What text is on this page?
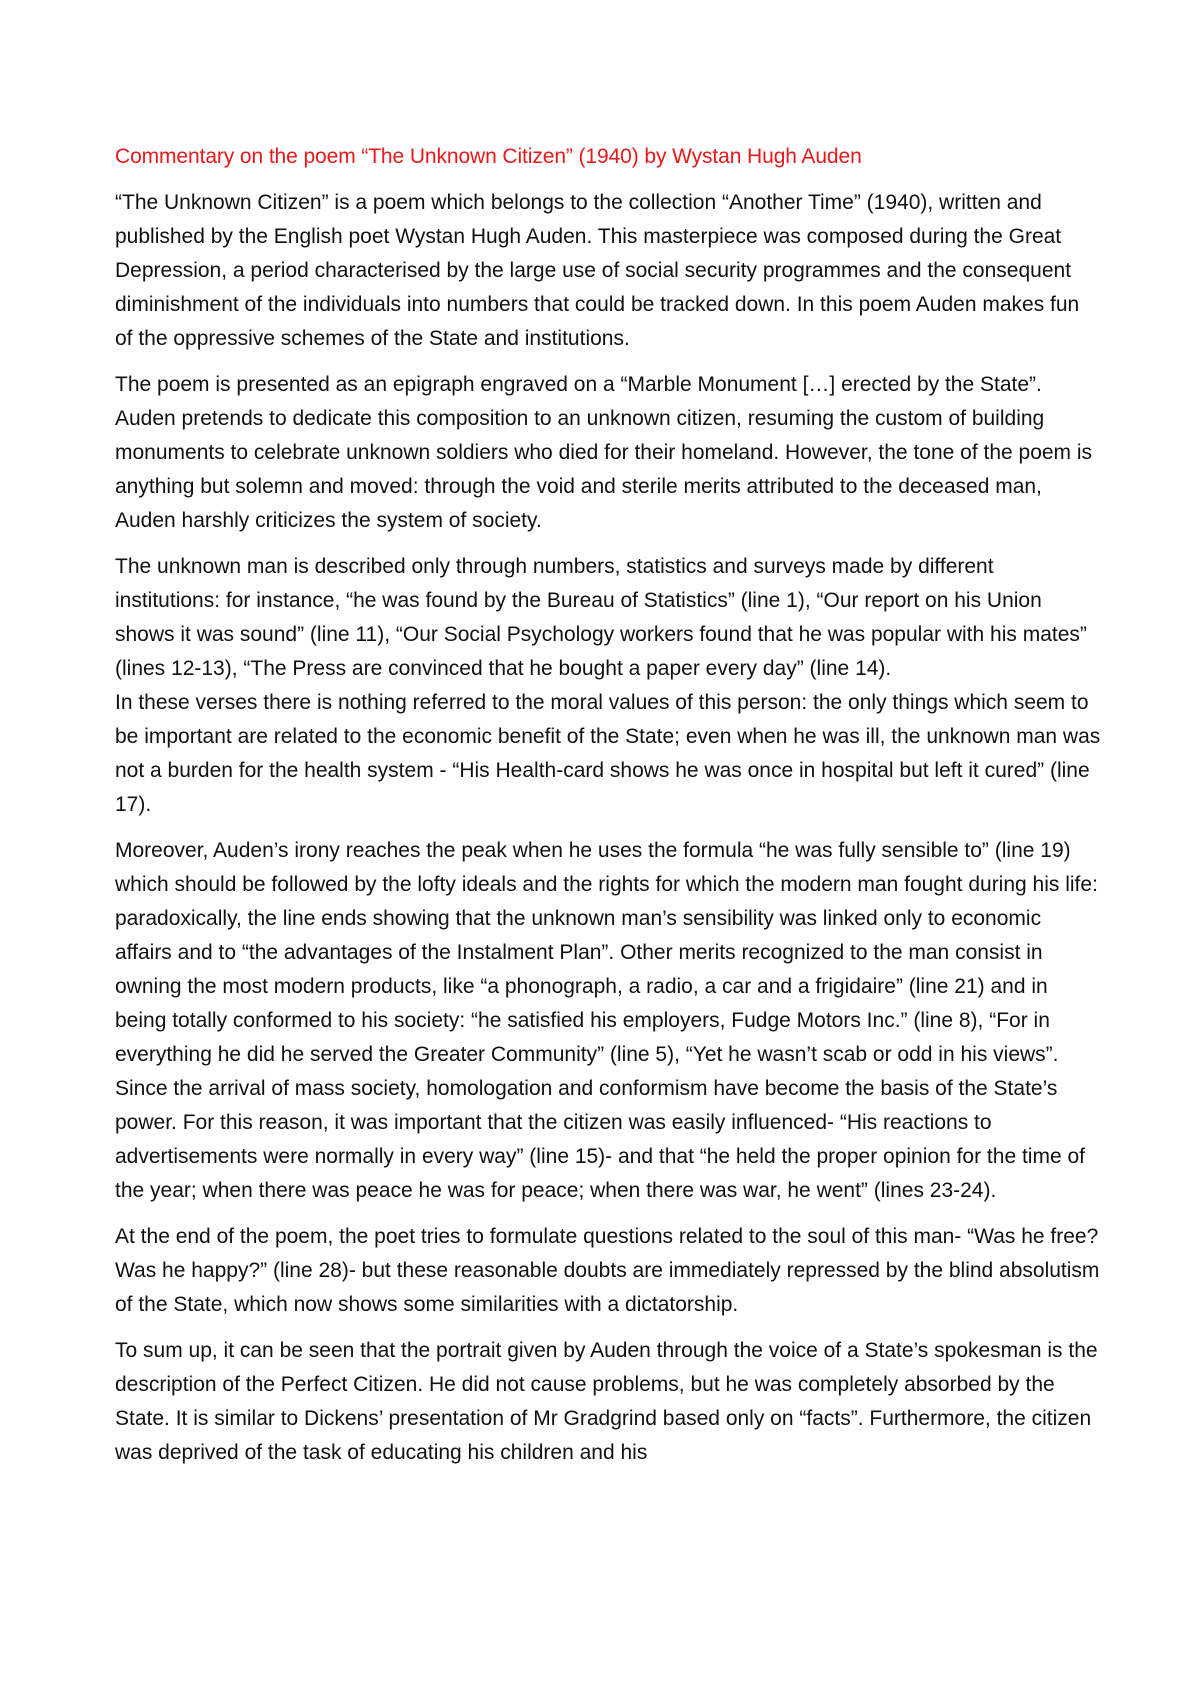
Commentary on the poem “The Unknown Citizen” (1940) by Wystan Hugh Auden

“The Unknown Citizen” is a poem which belongs to the collection “Another Time” (1940), written and published by the English poet Wystan Hugh Auden. This masterpiece was composed during the Great Depression, a period characterised by the large use of social security programmes and the consequent diminishment of the individuals into numbers that could be tracked down. In this poem Auden makes fun of the oppressive schemes of the State and institutions.

The poem is presented as an epigraph engraved on a “Marble Monument […] erected by the State”. Auden pretends to dedicate this composition to an unknown citizen, resuming the custom of building monuments to celebrate unknown soldiers who died for their homeland. However, the tone of the poem is anything but solemn and moved: through the void and sterile merits attributed to the deceased man, Auden harshly criticizes the system of society.

The unknown man is described only through numbers, statistics and surveys made by different institutions: for instance, “he was found by the Bureau of Statistics” (line 1), “Our report on his Union shows it was sound” (line 11), “Our Social Psychology workers found that he was popular with his mates” (lines 12-13), “The Press are convinced that he bought a paper every day” (line 14).

In these verses there is nothing referred to the moral values of this person: the only things which seem to be important are related to the economic benefit of the State; even when he was ill, the unknown man was not a burden for the health system - “His Health-card shows he was once in hospital but left it cured” (line 17).

Moreover, Auden’s irony reaches the peak when he uses the formula “he was fully sensible to” (line 19) which should be followed by the lofty ideals and the rights for which the modern man fought during his life: paradoxically, the line ends showing that the unknown man’s sensibility was linked only to economic affairs and to “the advantages of the Instalment Plan”. Other merits recognized to the man consist in owning the most modern products, like “a phonograph, a radio, a car and a frigidaire” (line 21) and in being totally conformed to his society: “he satisfied his employers, Fudge Motors Inc.” (line 8), “For in everything he did he served the Greater Community” (line 5), “Yet he wasn’t scab or odd in his views”. Since the arrival of mass society, homologation and conformism have become the basis of the State’s power. For this reason, it was important that the citizen was easily influenced- “His reactions to advertisements were normally in every way” (line 15)- and that “he held the proper opinion for the time of the year; when there was peace he was for peace; when there was war, he went” (lines 23-24).

At the end of the poem, the poet tries to formulate questions related to the soul of this man- “Was he free? Was he happy?” (line 28)- but these reasonable doubts are immediately repressed by the blind absolutism of the State, which now shows some similarities with a dictatorship.

To sum up, it can be seen that the portrait given by Auden through the voice of a State’s spokesman is the description of the Perfect Citizen. He did not cause problems, but he was completely absorbed by the State. It is similar to Dickens’ presentation of Mr Gradgrind based only on “facts”. Furthermore, the citizen was deprived of the task of educating his children and his
